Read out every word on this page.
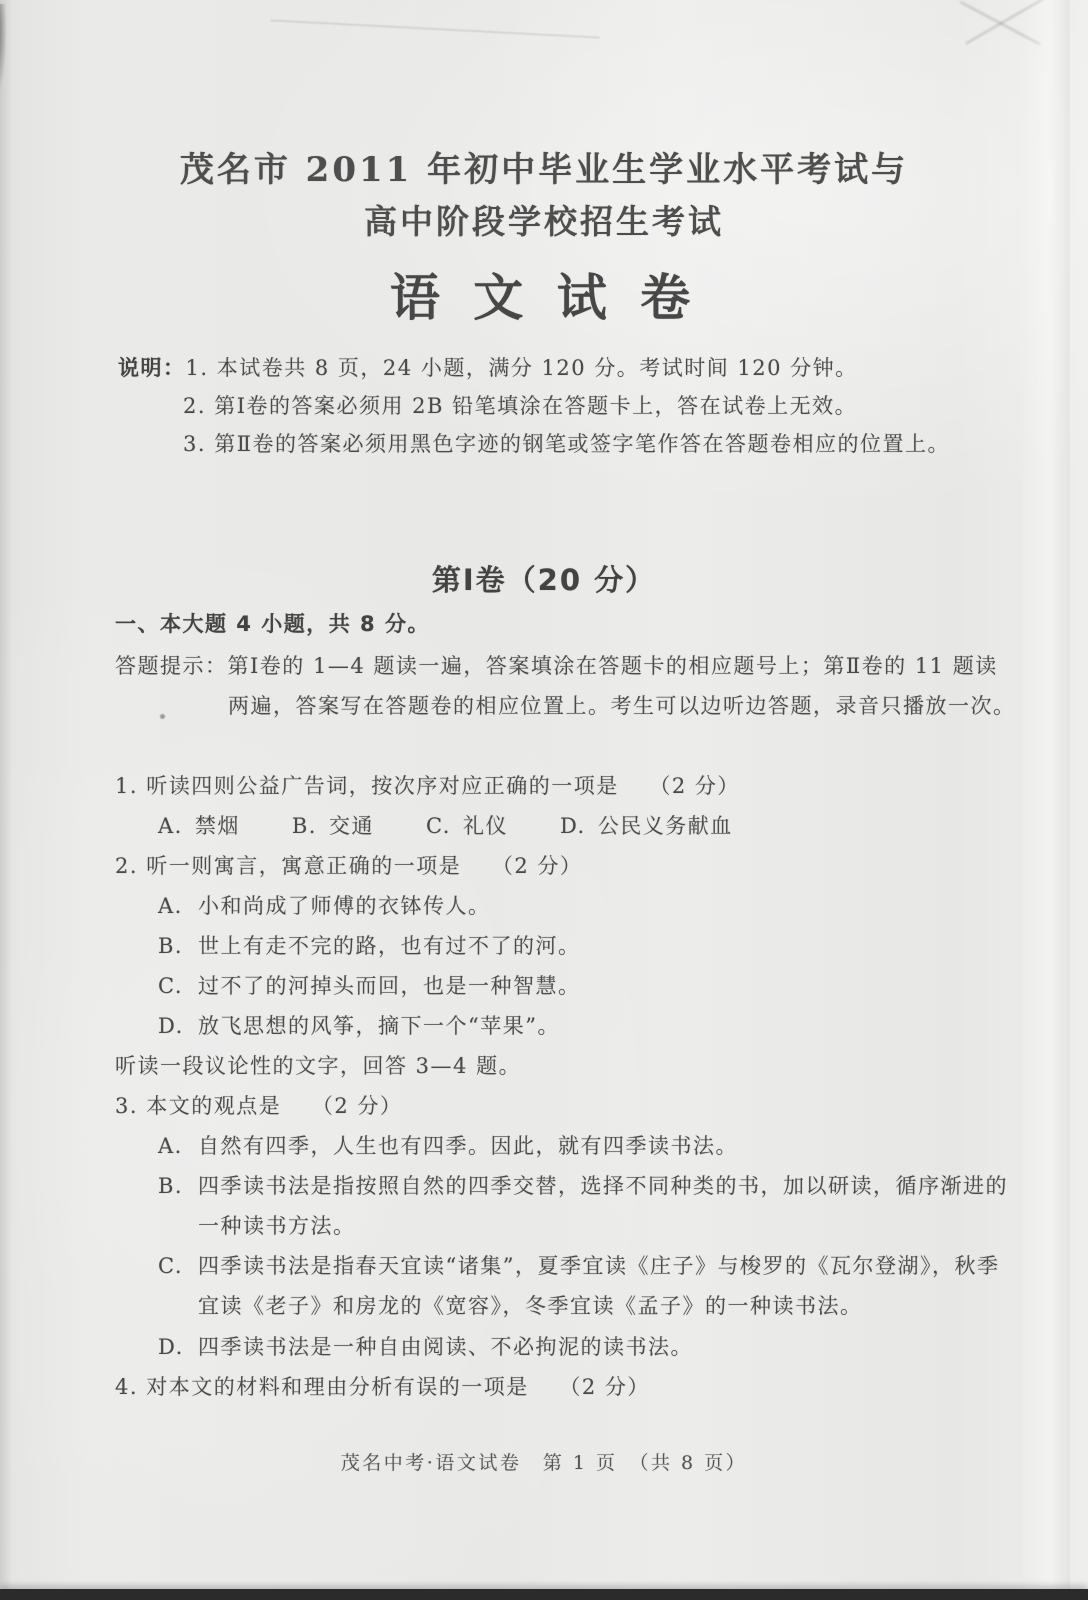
茂名市 2011 年初中毕业生学业水平考试与
高中阶段学校招生考试
语 文 试 卷
说明：1. 本试卷共 8 页，24 小题，满分 120 分。考试时间 120 分钟。
2. 第Ⅰ卷的答案必须用 2B 铅笔填涂在答题卡上，答在试卷上无效。
3. 第Ⅱ卷的答案必须用黑色字迹的钢笔或签字笔作答在答题卷相应的位置上。
第Ⅰ卷（20 分）
一、本大题 4 小题，共 8 分。
答题提示：第Ⅰ卷的 1—4 题读一遍，答案填涂在答题卡的相应题号上；第Ⅱ卷的 11 题读
两遍，答案写在答题卷的相应位置上。考生可以边听边答题，录音只播放一次。
1. 听读四则公益广告词，按次序对应正确的一项是　 （2 分）
A. 禁烟 B. 交通 C. 礼仪 D. 公民义务献血
2. 听一则寓言，寓意正确的一项是　 （2 分）
A. 小和尚成了师傅的衣钵传人。
B. 世上有走不完的路，也有过不了的河。
C. 过不了的河掉头而回，也是一种智慧。
D. 放飞思想的风筝，摘下一个“苹果”。
听读一段议论性的文字，回答 3—4 题。
3. 本文的观点是　 （2 分）
A. 自然有四季，人生也有四季。因此，就有四季读书法。
B. 四季读书法是指按照自然的四季交替，选择不同种类的书，加以研读，循序渐进的
一种读书方法。
C. 四季读书法是指春天宜读“诸集”，夏季宜读《庄子》与梭罗的《瓦尔登湖》，秋季
宜读《老子》和房龙的《宽容》，冬季宜读《孟子》的一种读书法。
D. 四季读书法是一种自由阅读、不必拘泥的读书法。
4. 对本文的材料和理由分析有误的一项是　 （2 分）
茂名中考·语文试卷　第 1 页　（共 8 页）
